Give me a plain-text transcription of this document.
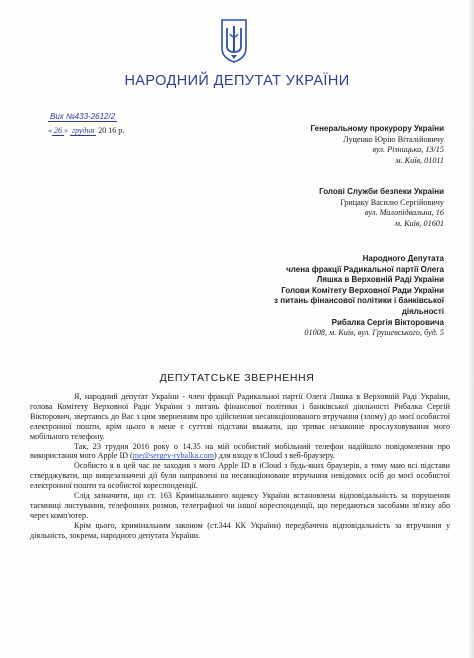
НАРОДНИЙ ДЕПУТАТ УКРАЇНИ
Вих №433-2612/2
« 26 » грудня 20 16 р.	Генеральному прокурору України
Луценко Юрію Віталійовичу
вул. Різницька, 13/15
м. Київ, 01011
Голові Служби безпеки України
Грицаку Василю Сергійовичу
вул. Малопідвальна, 16
м. Київ, 01601
Народного Депутата
члена фракції Радикальної партії Олега
Ляшка в Верховній Раді України
Голови Комітету Верховної Ради України
з питань фінансової політики і банківської
діяльності
Рибалка Сергія Вікторовича
01008, м. Київ, вул. Грушевського, буд. 5
ДЕПУТАТСЬКЕ ЗВЕРНЕННЯ

Я, народний депутат України - член фракції Радикальної партії Олега Ляшка в Верховній Раді України, голова Комітету Верховної Ради України з питань фінансової політики і банківської діяльності Рибалка Сергій Вікторович, звертаюсь до Вас з цим зверненням про здійснення несанкціонованого втручання (злому) до моєї особистої електронної пошти, крім цього в мене є суттєві підстави вважати, що триває незаконне прослуховування мого мобільного телефону.

Так, 23 грудня 2016 року о 14.35 на мій особистий мобільний телефон надійшло повідомлення про використання мого Apple ID (me@sergey-rybalka.com) для входу в iCloud з веб-браузеру.

Особисто я в цей час не заходив з мого Apple ID в iCloud з будь-яких браузерів, а тому маю всі підстави стверджувати, що вищезазначені дії були направлені на несанкціоноване втручання невідомих осіб до моєї особистої електронної пошти та особистої кореспонденції.

Слід зазначити, що ст. 163 Кримінального кодексу України встановлена відповідальність за порушення таємниці листування, телефонних розмов, телеграфної чи іншої кореспонденції, що передаються засобами зв'язку або через комп'ютер.

Крім цього, кримінальним законом (ст.344 КК України) передбачена відповідальність за втручання у діяльність, зокрема, народного депутата України.
